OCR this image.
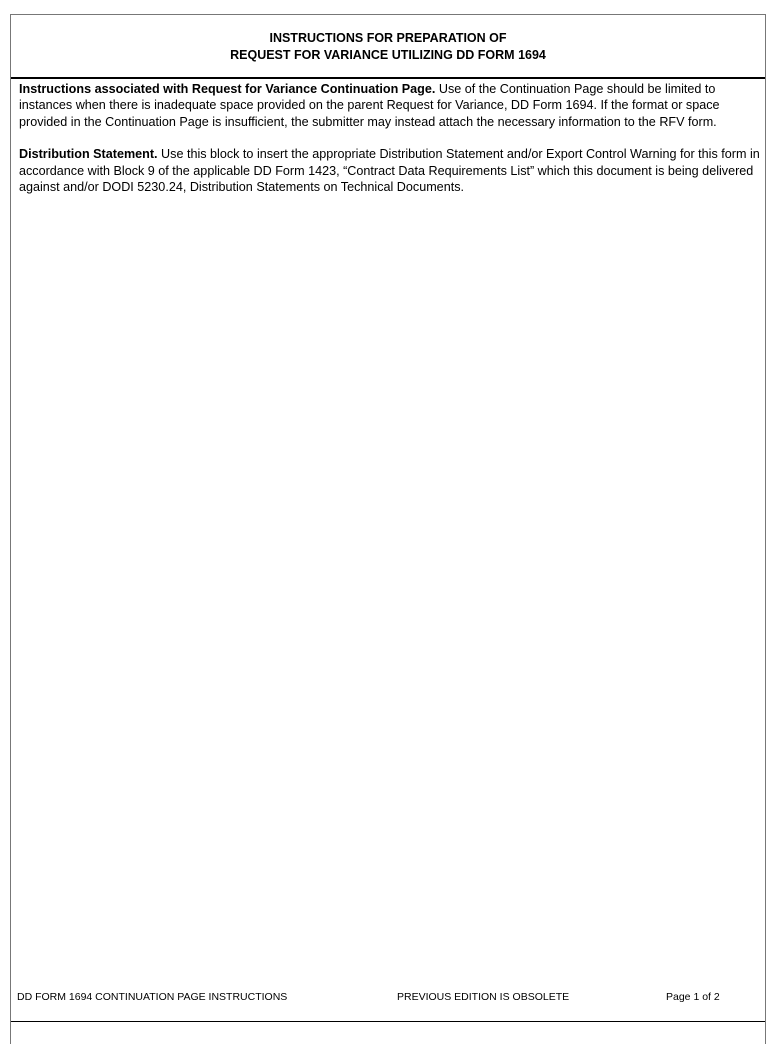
INSTRUCTIONS FOR PREPARATION OF
REQUEST FOR VARIANCE UTILIZING DD FORM 1694

Instructions associated with Request for Variance Continuation Page. Use of the Continuation Page should be limited to instances when there is inadequate space provided on the parent Request for Variance, DD Form 1694. If the format or space provided in the Continuation Page is insufficient, the submitter may instead attach the necessary information to the RFV form.

Distribution Statement. Use this block to insert the appropriate Distribution Statement and/or Export Control Warning for this form in accordance with Block 9 of the applicable DD Form 1423, “Contract Data Requirements List” which this document is being delivered against and/or DODI 5230.24, Distribution Statements on Technical Documents.

DD FORM 1694 CONTINUATION PAGE INSTRUCTIONS	PREVIOUS EDITION IS OBSOLETE	Page 1 of 2
